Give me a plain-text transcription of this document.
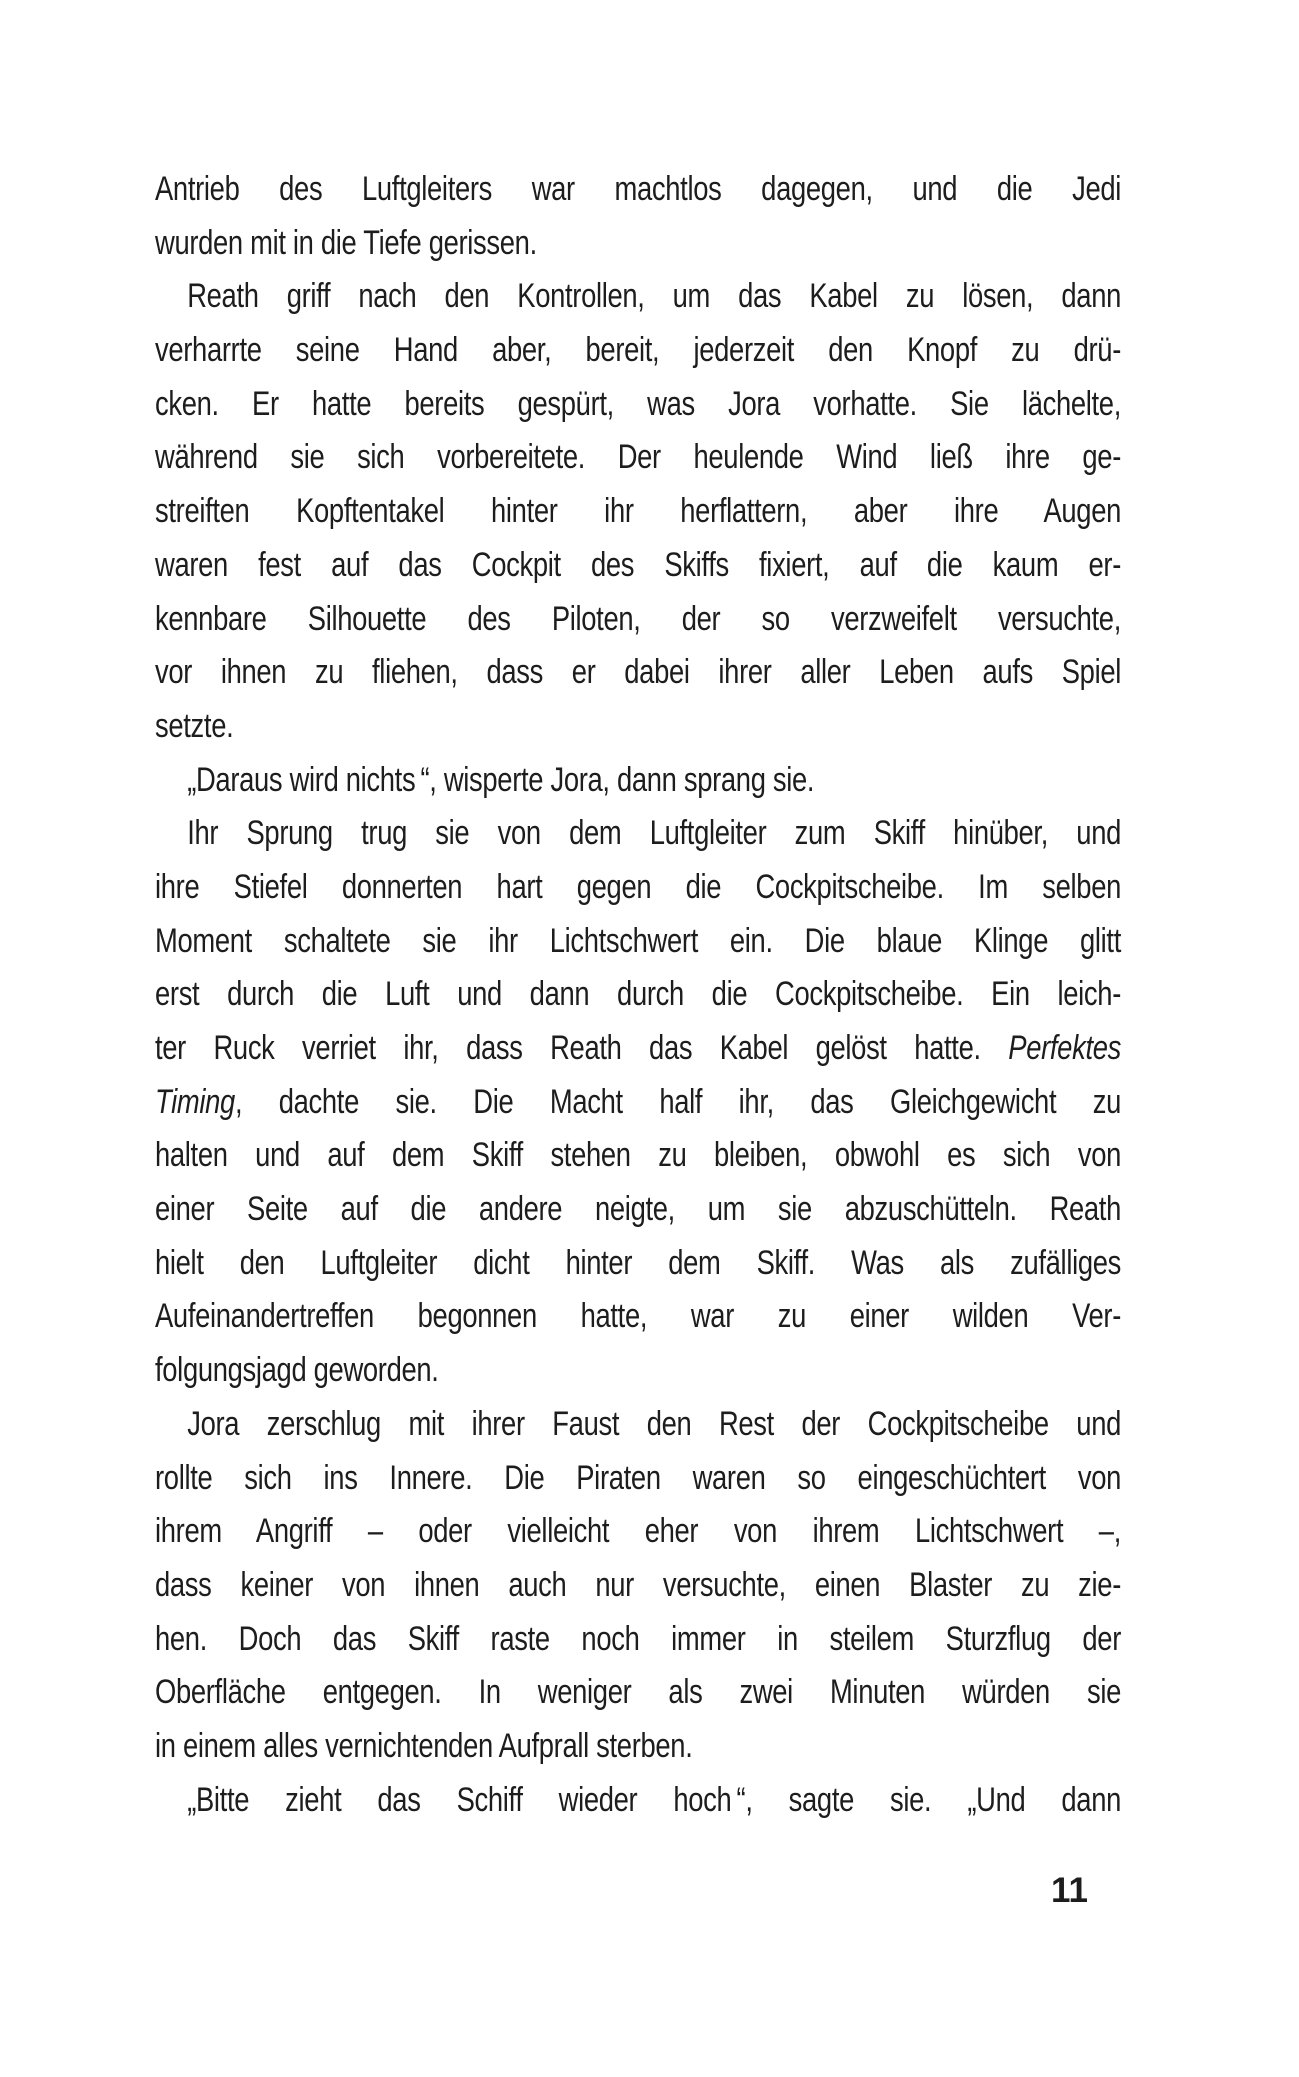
Antrieb des Luftgleiters war machtlos dagegen, und die Jedi
wurden mit in die Tiefe gerissen.
Reath griff nach den Kontrollen, um das Kabel zu lösen, dann
verharrte seine Hand aber, bereit, jederzeit den Knopf zu drü-
cken. Er hatte bereits gespürt, was Jora vorhatte. Sie lächelte,
während sie sich vorbereitete. Der heulende Wind ließ ihre ge-
streiften Kopftentakel hinter ihr herflattern, aber ihre Augen
waren fest auf das Cockpit des Skiffs fixiert, auf die kaum er-
kennbare Silhouette des Piloten, der so verzweifelt versuchte,
vor ihnen zu fliehen, dass er dabei ihrer aller Leben aufs Spiel
setzte.
„Daraus wird nichts “, wisperte Jora, dann sprang sie.
Ihr Sprung trug sie von dem Luftgleiter zum Skiff hinüber, und
ihre Stiefel donnerten hart gegen die Cockpitscheibe. Im selben
Moment schaltete sie ihr Lichtschwert ein. Die blaue Klinge glitt
erst durch die Luft und dann durch die Cockpitscheibe. Ein leich-
ter Ruck verriet ihr, dass Reath das Kabel gelöst hatte. Perfektes
Timing, dachte sie. Die Macht half ihr, das Gleichgewicht zu
halten und auf dem Skiff stehen zu bleiben, obwohl es sich von
einer Seite auf die andere neigte, um sie abzuschütteln. Reath
hielt den Luftgleiter dicht hinter dem Skiff. Was als zufälliges
Aufeinandertreffen begonnen hatte, war zu einer wilden Ver-
folgungsjagd geworden.
Jora zerschlug mit ihrer Faust den Rest der Cockpitscheibe und
rollte sich ins Innere. Die Piraten waren so eingeschüchtert von
ihrem Angriff – oder vielleicht eher von ihrem Lichtschwert –,
dass keiner von ihnen auch nur versuchte, einen Blaster zu zie-
hen. Doch das Skiff raste noch immer in steilem Sturzflug der
Oberfläche entgegen. In weniger als zwei Minuten würden sie
in einem alles vernichtenden Aufprall sterben.
„Bitte zieht das Schiff wieder hoch “, sagte sie. „Und dann
11
